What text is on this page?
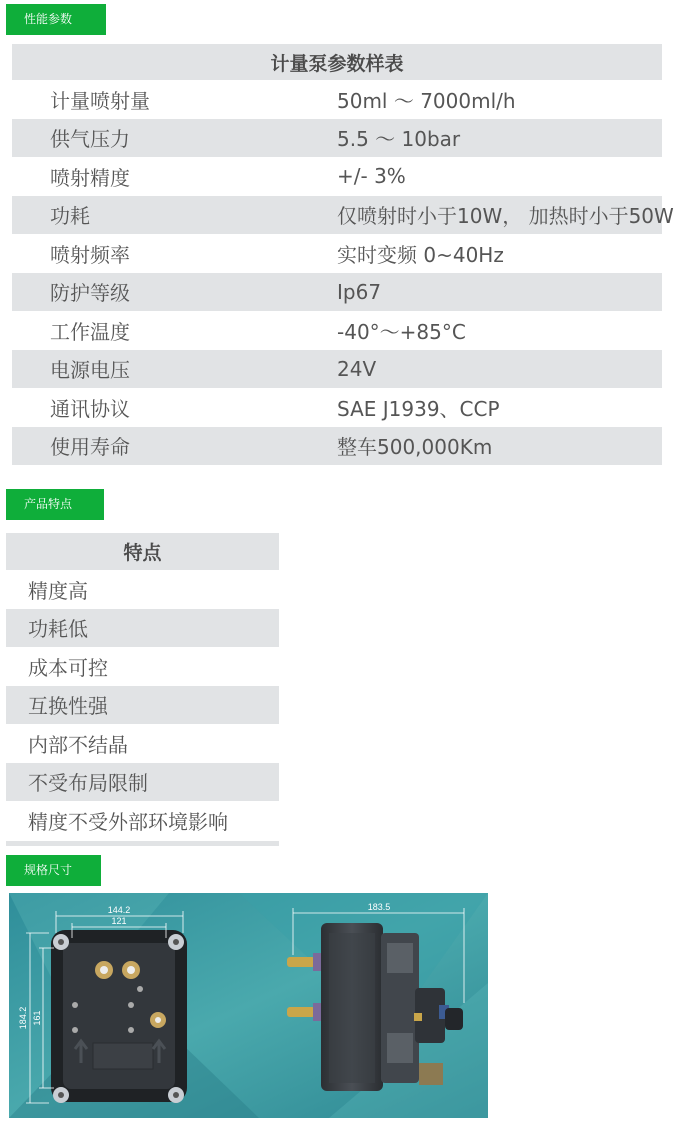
性能参数
计量泵参数样表	
计量喷射量	50ml ～ 7000ml/h
供气压力	5.5 ～ 10bar
喷射精度	+/- 3%
功耗	仅喷射时小于10W， 加热时小于50W
喷射频率	实时变频 0~40Hz
防护等级	Ip67
工作温度	-40°～+85°C
电源电压	24V
通讯协议	SAE J1939、CCP
使用寿命	整车500,000Km
产品特点
特点
精度高
功耗低
成本可控
互换性强
内部不结晶
不受布局限制
精度不受外部环境影响
规格尺寸
144.2
121
184.2 161
183.5
